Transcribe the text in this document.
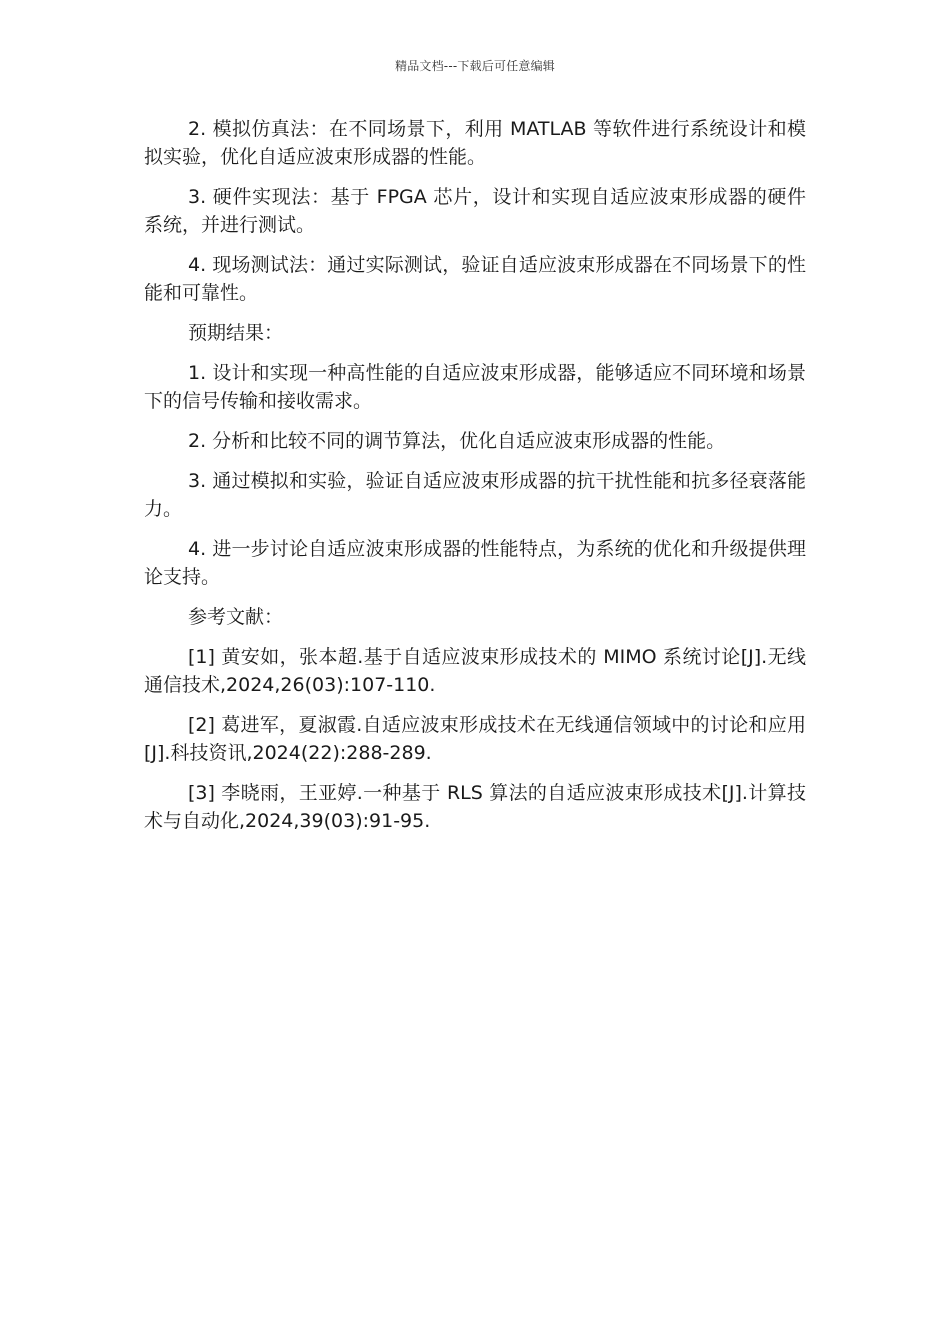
精品文档---下载后可任意编辑

2. 模拟仿真法：在不同场景下，利用 MATLAB 等软件进行系统设计和模拟实验，优化自适应波束形成器的性能。

3. 硬件实现法：基于 FPGA 芯片，设计和实现自适应波束形成器的硬件系统，并进行测试。

4. 现场测试法：通过实际测试，验证自适应波束形成器在不同场景下的性能和可靠性。

预期结果：

1. 设计和实现一种高性能的自适应波束形成器，能够适应不同环境和场景下的信号传输和接收需求。

2. 分析和比较不同的调节算法，优化自适应波束形成器的性能。

3. 通过模拟和实验，验证自适应波束形成器的抗干扰性能和抗多径衰落能力。

4. 进一步讨论自适应波束形成器的性能特点，为系统的优化和升级提供理论支持。

参考文献：

[1] 黄安如，张本超.基于自适应波束形成技术的 MIMO 系统讨论[J].无线通信技术,2024,26(03):107-110.

[2] 葛进军，夏淑霞.自适应波束形成技术在无线通信领域中的讨论和应用[J].科技资讯,2024(22):288-289.

[3] 李晓雨，王亚婷.一种基于 RLS 算法的自适应波束形成技术[J].计算技术与自动化,2024,39(03):91-95.
